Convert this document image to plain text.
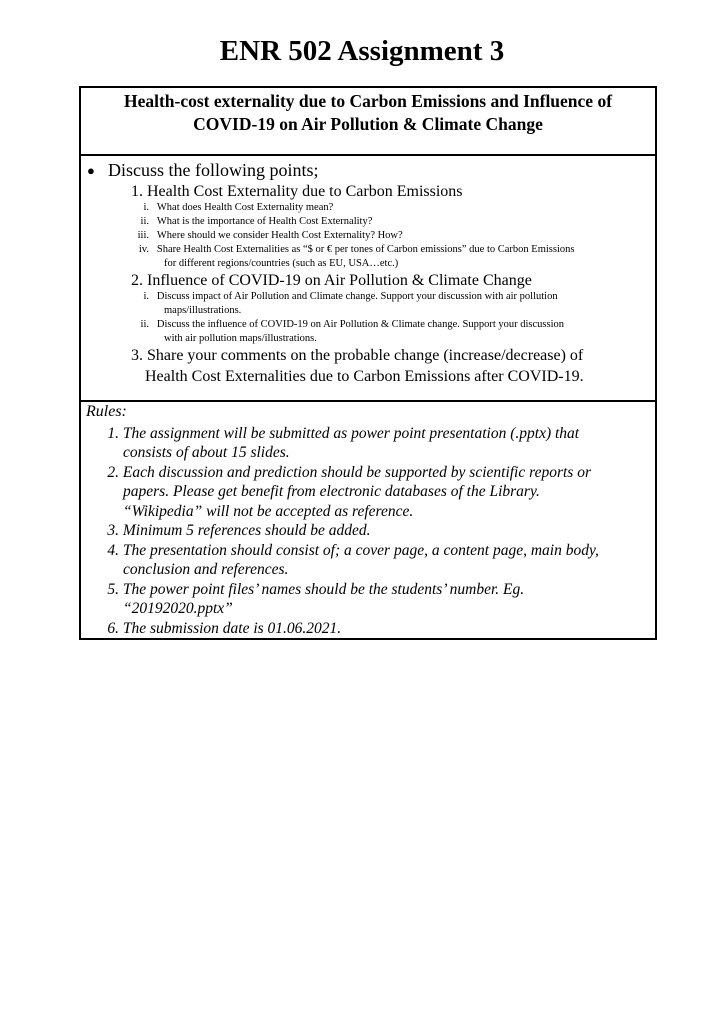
ENR 502 Assignment 3
Health-cost externality due to Carbon Emissions and Influence of
COVID-19 on Air Pollution & Climate Change
● Discuss the following points;
1. Health Cost Externality due to Carbon Emissions
i. What does Health Cost Externality mean?
ii. What is the importance of Health Cost Externality?
iii. Where should we consider Health Cost Externality? How?
iv. Share Health Cost Externalities as “$ or € per tones of Carbon emissions” due to Carbon Emissions
for different regions/countries (such as EU, USA…etc.)
2. Influence of COVID-19 on Air Pollution & Climate Change
i. Discuss impact of Air Pollution and Climate change. Support your discussion with air pollution
maps/illustrations.
ii. Discuss the influence of COVID-19 on Air Pollution & Climate change. Support your discussion
with air pollution maps/illustrations.
3. Share your comments on the probable change (increase/decrease) of
Health Cost Externalities due to Carbon Emissions after COVID-19.
Rules:
1. The assignment will be submitted as power point presentation (.pptx) that
consists of about 15 slides.
2. Each discussion and prediction should be supported by scientific reports or
papers. Please get benefit from electronic databases of the Library.
“Wikipedia” will not be accepted as reference.
3. Minimum 5 references should be added.
4. The presentation should consist of; a cover page, a content page, main body,
conclusion and references.
5. The power point files’ names should be the students’ number. Eg.
“20192020.pptx”
6. The submission date is 01.06.2021.
